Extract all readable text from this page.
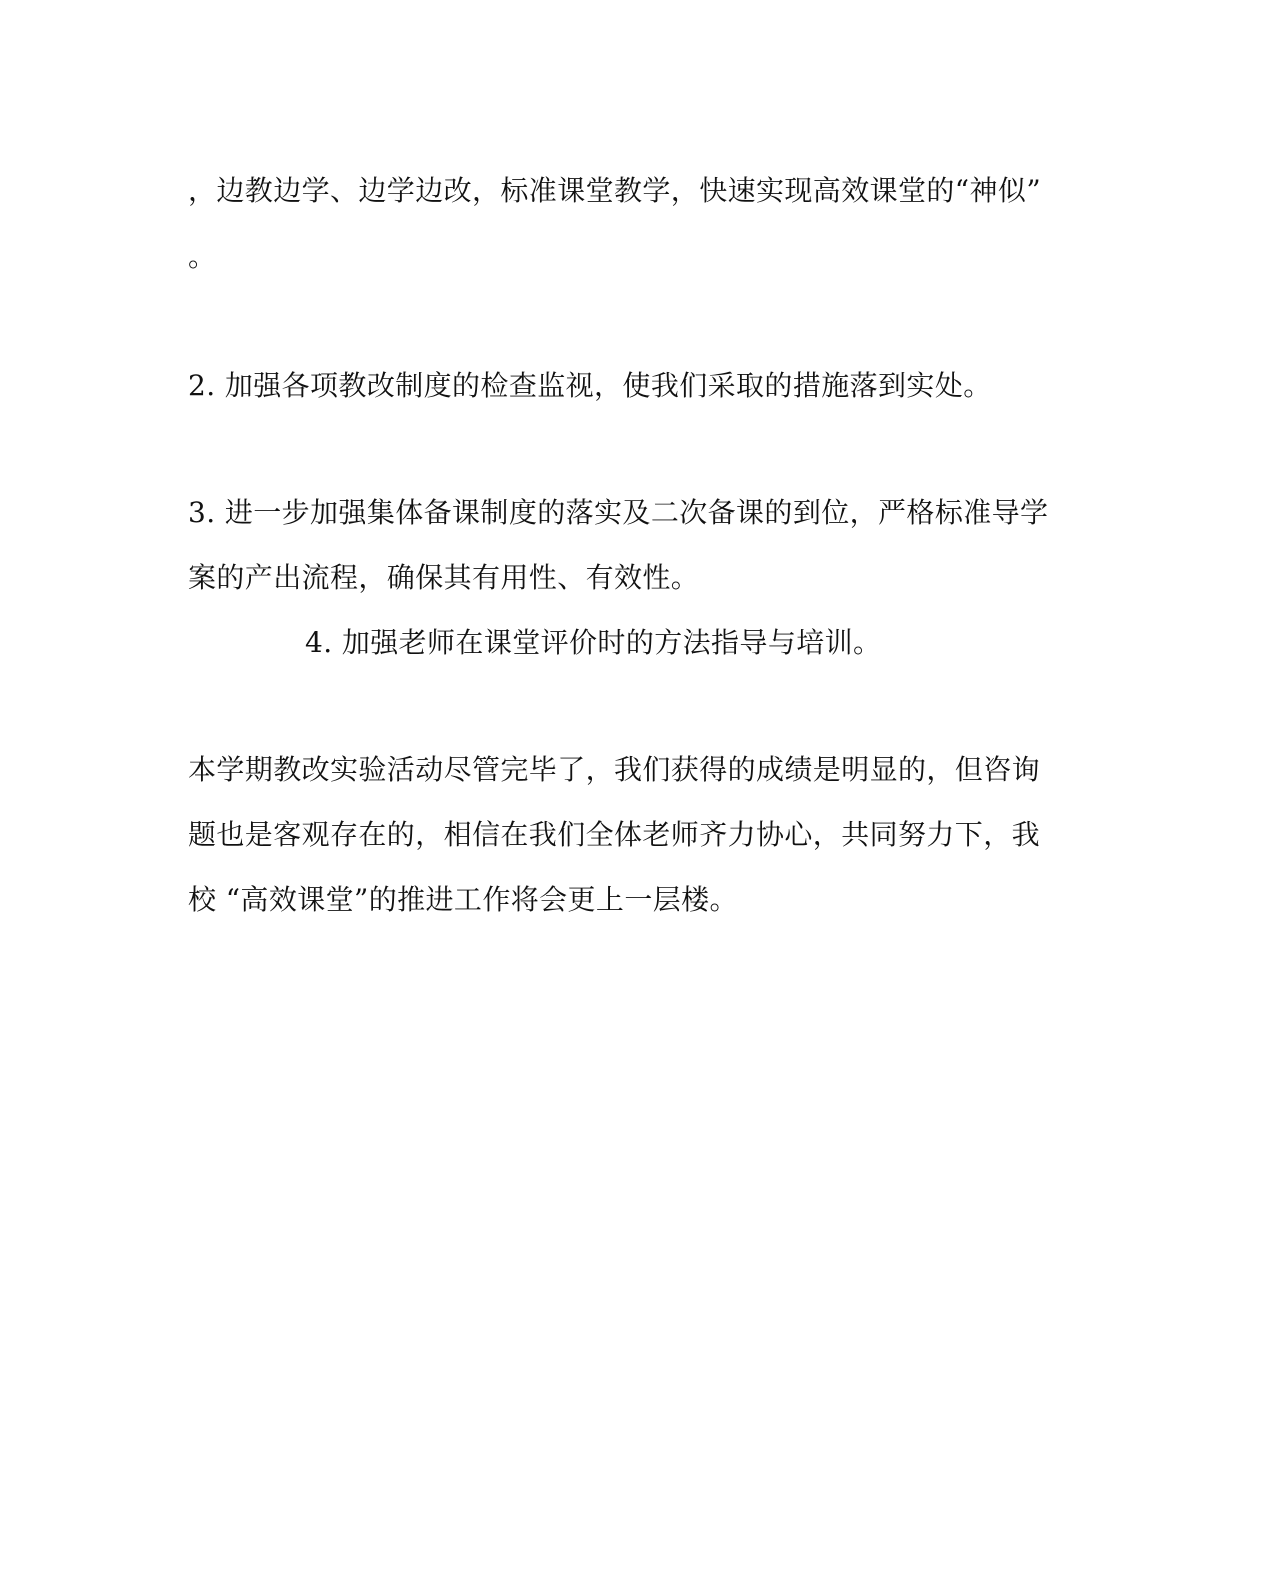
，边教边学、边学边改，标准课堂教学，快速实现高效课堂的“神似”
。
2. 加强各项教改制度的检查监视，使我们采取的措施落到实处。
3. 进一步加强集体备课制度的落实及二次备课的到位，严格标准导学
案的产出流程，确保其有用性、有效性。
4. 加强老师在课堂评价时的方法指导与培训。
本学期教改实验活动尽管完毕了，我们获得的成绩是明显的，但咨询
题也是客观存在的，相信在我们全体老师齐力协心，共同努力下，我
校 “高效课堂”的推进工作将会更上一层楼。
